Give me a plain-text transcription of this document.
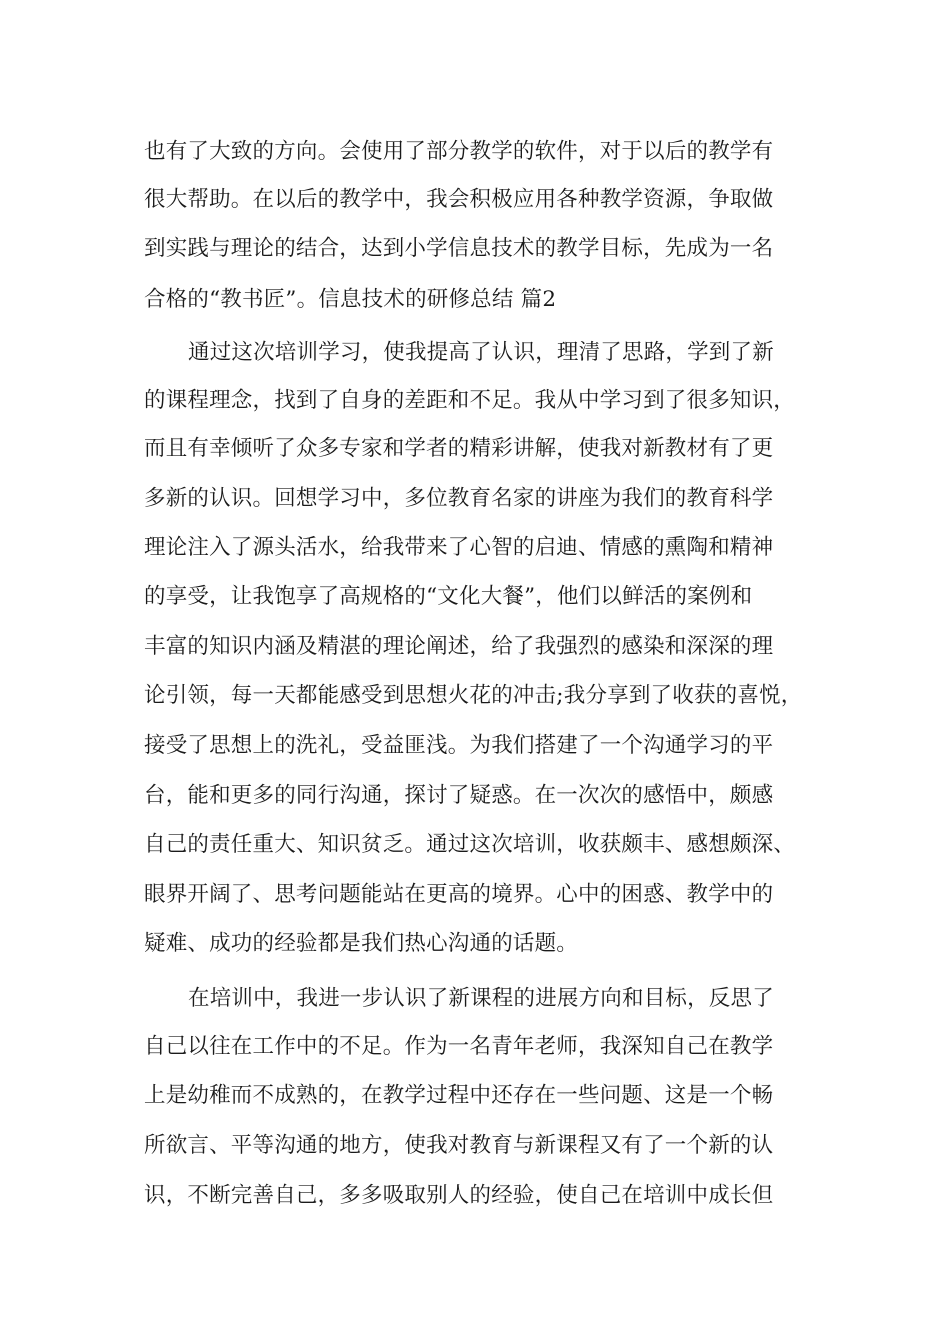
也有了大致的方向。会使用了部分教学的软件，对于以后的教学有
很大帮助。在以后的教学中，我会积极应用各种教学资源，争取做
到实践与理论的结合，达到小学信息技术的教学目标，先成为一名
合格的“教书匠”。信息技术的研修总结 篇2
通过这次培训学习，使我提高了认识，理清了思路，学到了新
的课程理念，找到了自身的差距和不足。我从中学习到了很多知识，
而且有幸倾听了众多专家和学者的精彩讲解，使我对新教材有了更
多新的认识。回想学习中，多位教育名家的讲座为我们的教育科学
理论注入了源头活水，给我带来了心智的启迪、情感的熏陶和精神
的享受，让我饱享了高规格的“文化大餐”，他们以鲜活的案例和
丰富的知识内涵及精湛的理论阐述，给了我强烈的感染和深深的理
论引领，每一天都能感受到思想火花的冲击;我分享到了收获的喜悦，
接受了思想上的洗礼，受益匪浅。为我们搭建了一个沟通学习的平
台，能和更多的同行沟通，探讨了疑惑。在一次次的感悟中，颇感
自己的责任重大、知识贫乏。通过这次培训，收获颇丰、感想颇深、
眼界开阔了、思考问题能站在更高的境界。心中的困惑、教学中的
疑难、成功的经验都是我们热心沟通的话题。
在培训中，我进一步认识了新课程的进展方向和目标，反思了
自己以往在工作中的不足。作为一名青年老师，我深知自己在教学
上是幼稚而不成熟的，在教学过程中还存在一些问题、这是一个畅
所欲言、平等沟通的地方，使我对教育与新课程又有了一个新的认
识，不断完善自己，多多吸取别人的经验，使自己在培训中成长但
